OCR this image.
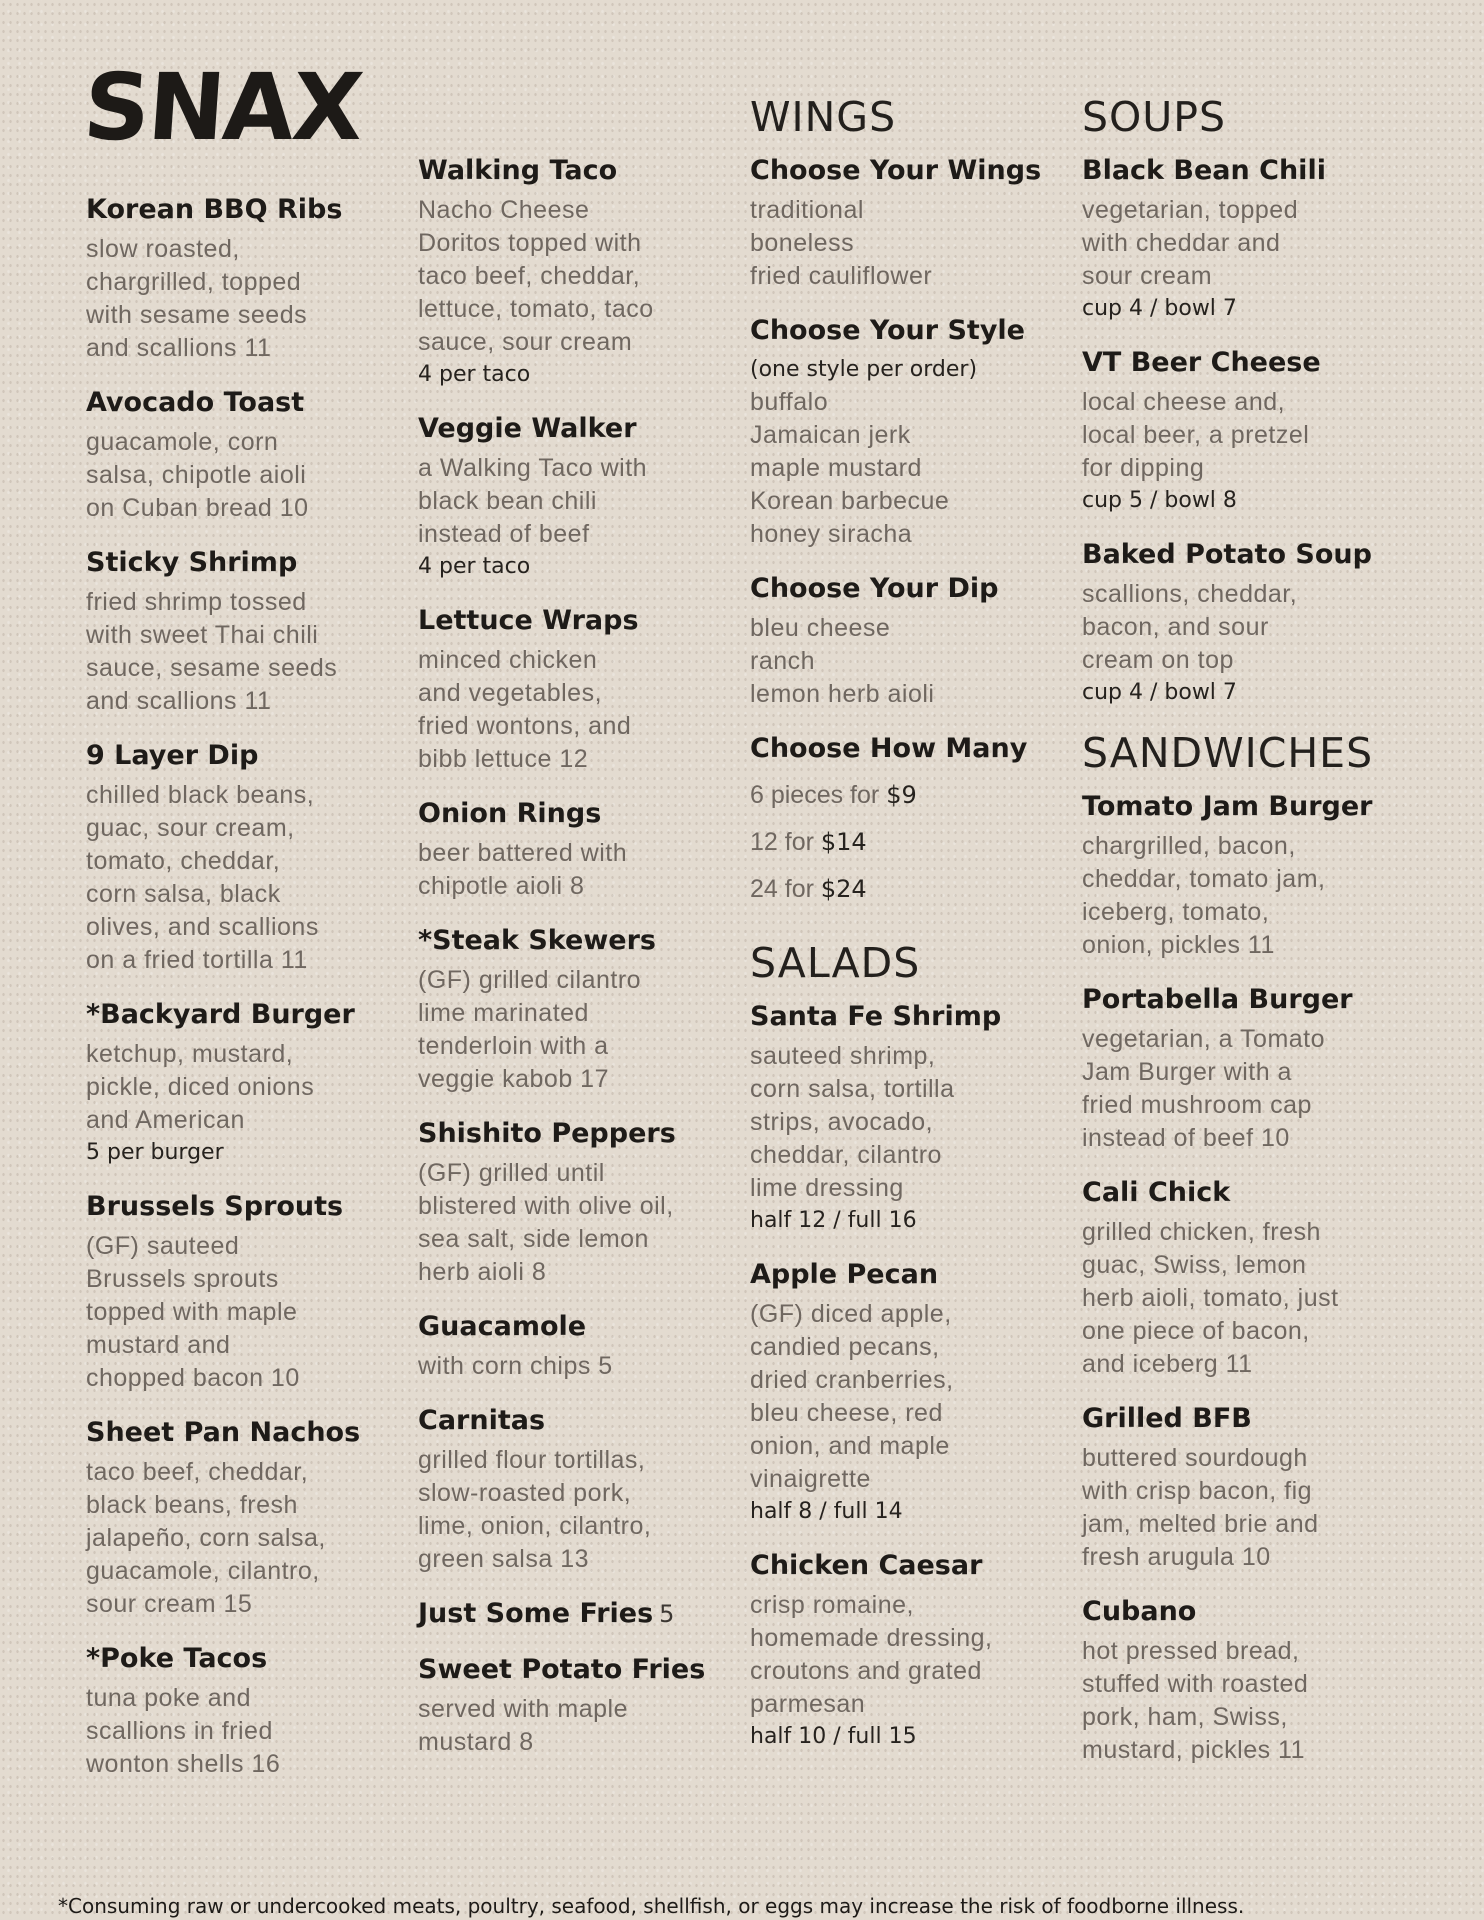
SNAX
Korean BBQ Ribs
slow roasted,
chargrilled, topped
with sesame seeds
and scallions 11
Avocado Toast
guacamole, corn
salsa, chipotle aioli
on Cuban bread 10
Sticky Shrimp
fried shrimp tossed
with sweet Thai chili
sauce, sesame seeds
and scallions 11
9 Layer Dip
chilled black beans,
guac, sour cream,
tomato, cheddar,
corn salsa, black
olives, and scallions
on a fried tortilla 11
*Backyard Burger
ketchup, mustard,
pickle, diced onions
and American
5 per burger
Brussels Sprouts
(GF) sauteed
Brussels sprouts
topped with maple
mustard and
chopped bacon 10
Sheet Pan Nachos
taco beef, cheddar,
black beans, fresh
jalapeño, corn salsa,
guacamole, cilantro,
sour cream 15
*Poke Tacos
tuna poke and
scallions in fried
wonton shells 16
Walking Taco
Nacho Cheese
Doritos topped with
taco beef, cheddar,
lettuce, tomato, taco
sauce, sour cream
4 per taco
Veggie Walker
a Walking Taco with
black bean chili
instead of beef
4 per taco
Lettuce Wraps
minced chicken
and vegetables,
fried wontons, and
bibb lettuce 12
Onion Rings
beer battered with
chipotle aioli 8
*Steak Skewers
(GF) grilled cilantro
lime marinated
tenderloin with a
veggie kabob 17
Shishito Peppers
(GF) grilled until
blistered with olive oil,
sea salt, side lemon
herb aioli 8
Guacamole
with corn chips 5
Carnitas
grilled flour tortillas,
slow-roasted pork,
lime, onion, cilantro,
green salsa 13
Just Some Fries 5
Sweet Potato Fries
served with maple
mustard 8
WINGS
Choose Your Wings
traditional
boneless
fried cauliflower
Choose Your Style
(one style per order)
buffalo
Jamaican jerk
maple mustard
Korean barbecue
honey siracha
Choose Your Dip
bleu cheese
ranch
lemon herb aioli
Choose How Many
6 pieces for $9
12 for $14
24 for $24
SALADS
Santa Fe Shrimp
sauteed shrimp,
corn salsa, tortilla
strips, avocado,
cheddar, cilantro
lime dressing
half 12 / full 16
Apple Pecan
(GF) diced apple,
candied pecans,
dried cranberries,
bleu cheese, red
onion, and maple
vinaigrette
half 8 / full 14
Chicken Caesar
crisp romaine,
homemade dressing,
croutons and grated
parmesan
half 10 / full 15
SOUPS
Black Bean Chili
vegetarian, topped
with cheddar and
sour cream
cup 4 / bowl 7
VT Beer Cheese
local cheese and,
local beer, a pretzel
for dipping
cup 5 / bowl 8
Baked Potato Soup
scallions, cheddar,
bacon, and sour
cream on top
cup 4 / bowl 7
SANDWICHES
Tomato Jam Burger
chargrilled, bacon,
cheddar, tomato jam,
iceberg, tomato,
onion, pickles 11
Portabella Burger
vegetarian, a Tomato
Jam Burger with a
fried mushroom cap
instead of beef 10
Cali Chick
grilled chicken, fresh
guac, Swiss, lemon
herb aioli, tomato, just
one piece of bacon,
and iceberg 11
Grilled BFB
buttered sourdough
with crisp bacon, fig
jam, melted brie and
fresh arugula 10
Cubano
hot pressed bread,
stuffed with roasted
pork, ham, Swiss,
mustard, pickles 11
*Consuming raw or undercooked meats, poultry, seafood, shellfish, or eggs may increase the risk of foodborne illness.
